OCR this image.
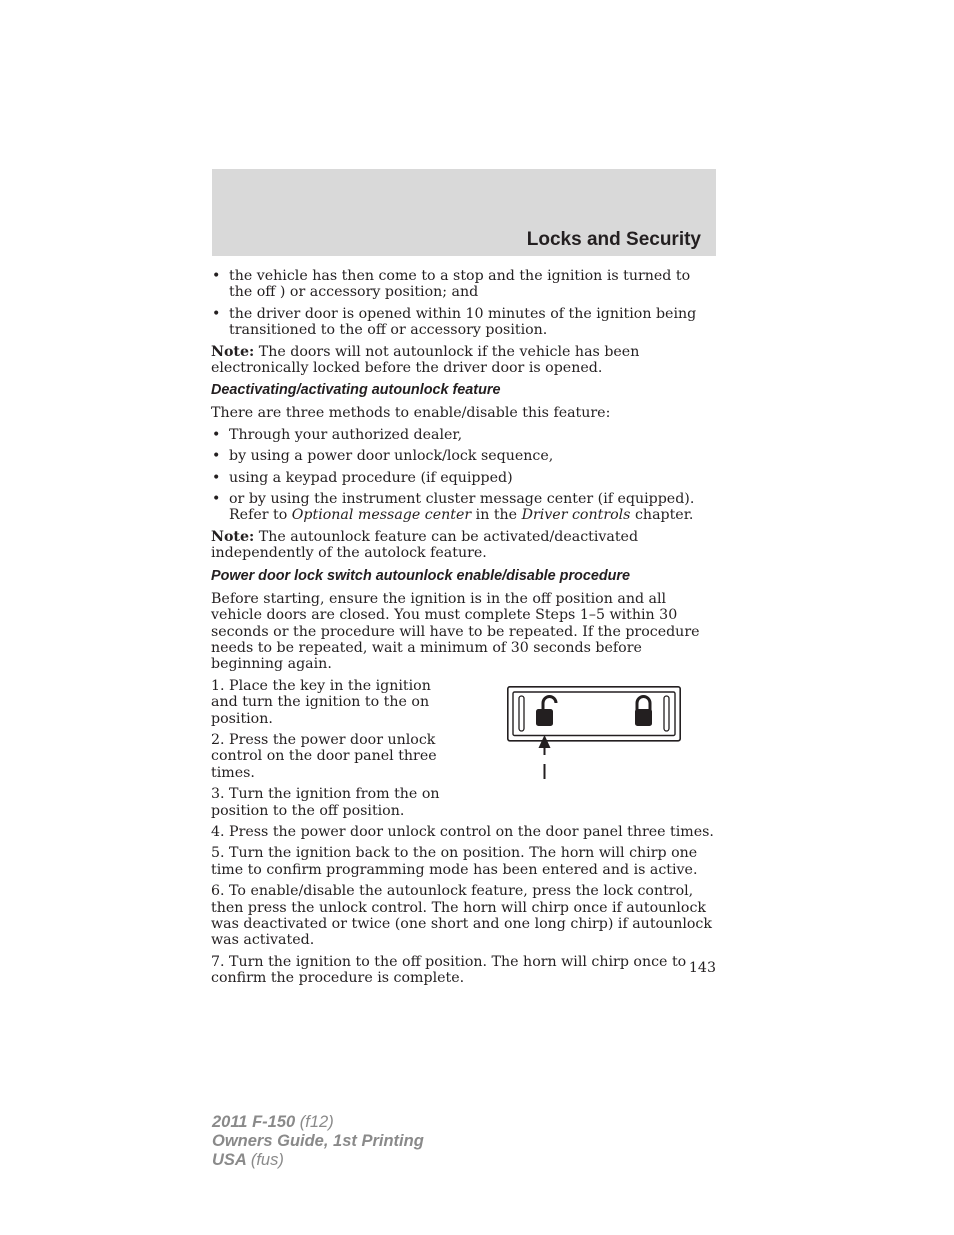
Locks and Security
• the vehicle has then come to a stop and the ignition is turned to the off ) or accessory position; and
• the driver door is opened within 10 minutes of the ignition being transitioned to the off or accessory position.

Note: The doors will not autounlock if the vehicle has been electronically locked before the driver door is opened.

Deactivating/activating autounlock feature

There are three methods to enable/disable this feature:

• Through your authorized dealer,
• by using a power door unlock/lock sequence,
• using a keypad procedure (if equipped)
• or by using the instrument cluster message center (if equipped). Refer to Optional message center in the Driver controls chapter.

Note: The autounlock feature can be activated/deactivated independently of the autolock feature.

Power door lock switch autounlock enable/disable procedure

Before starting, ensure the ignition is in the off position and all vehicle doors are closed. You must complete Steps 1–5 within 30 seconds or the procedure will have to be repeated. If the procedure needs to be repeated, wait a minimum of 30 seconds before beginning again.

1. Place the key in the ignition and turn the ignition to the on position.

2. Press the power door unlock control on the door panel three times.

3. Turn the ignition from the on position to the off position.

4. Press the power door unlock control on the door panel three times.

5. Turn the ignition back to the on position. The horn will chirp one time to confirm programming mode has been entered and is active.

6. To enable/disable the autounlock feature, press the lock control, then press the unlock control. The horn will chirp once if autounlock was deactivated or twice (one short and one long chirp) if autounlock was activated.

7. Turn the ignition to the off position. The horn will chirp once to confirm the procedure is complete.

143
2011 F-150 (f12)
Owners Guide, 1st Printing
USA (fus)
